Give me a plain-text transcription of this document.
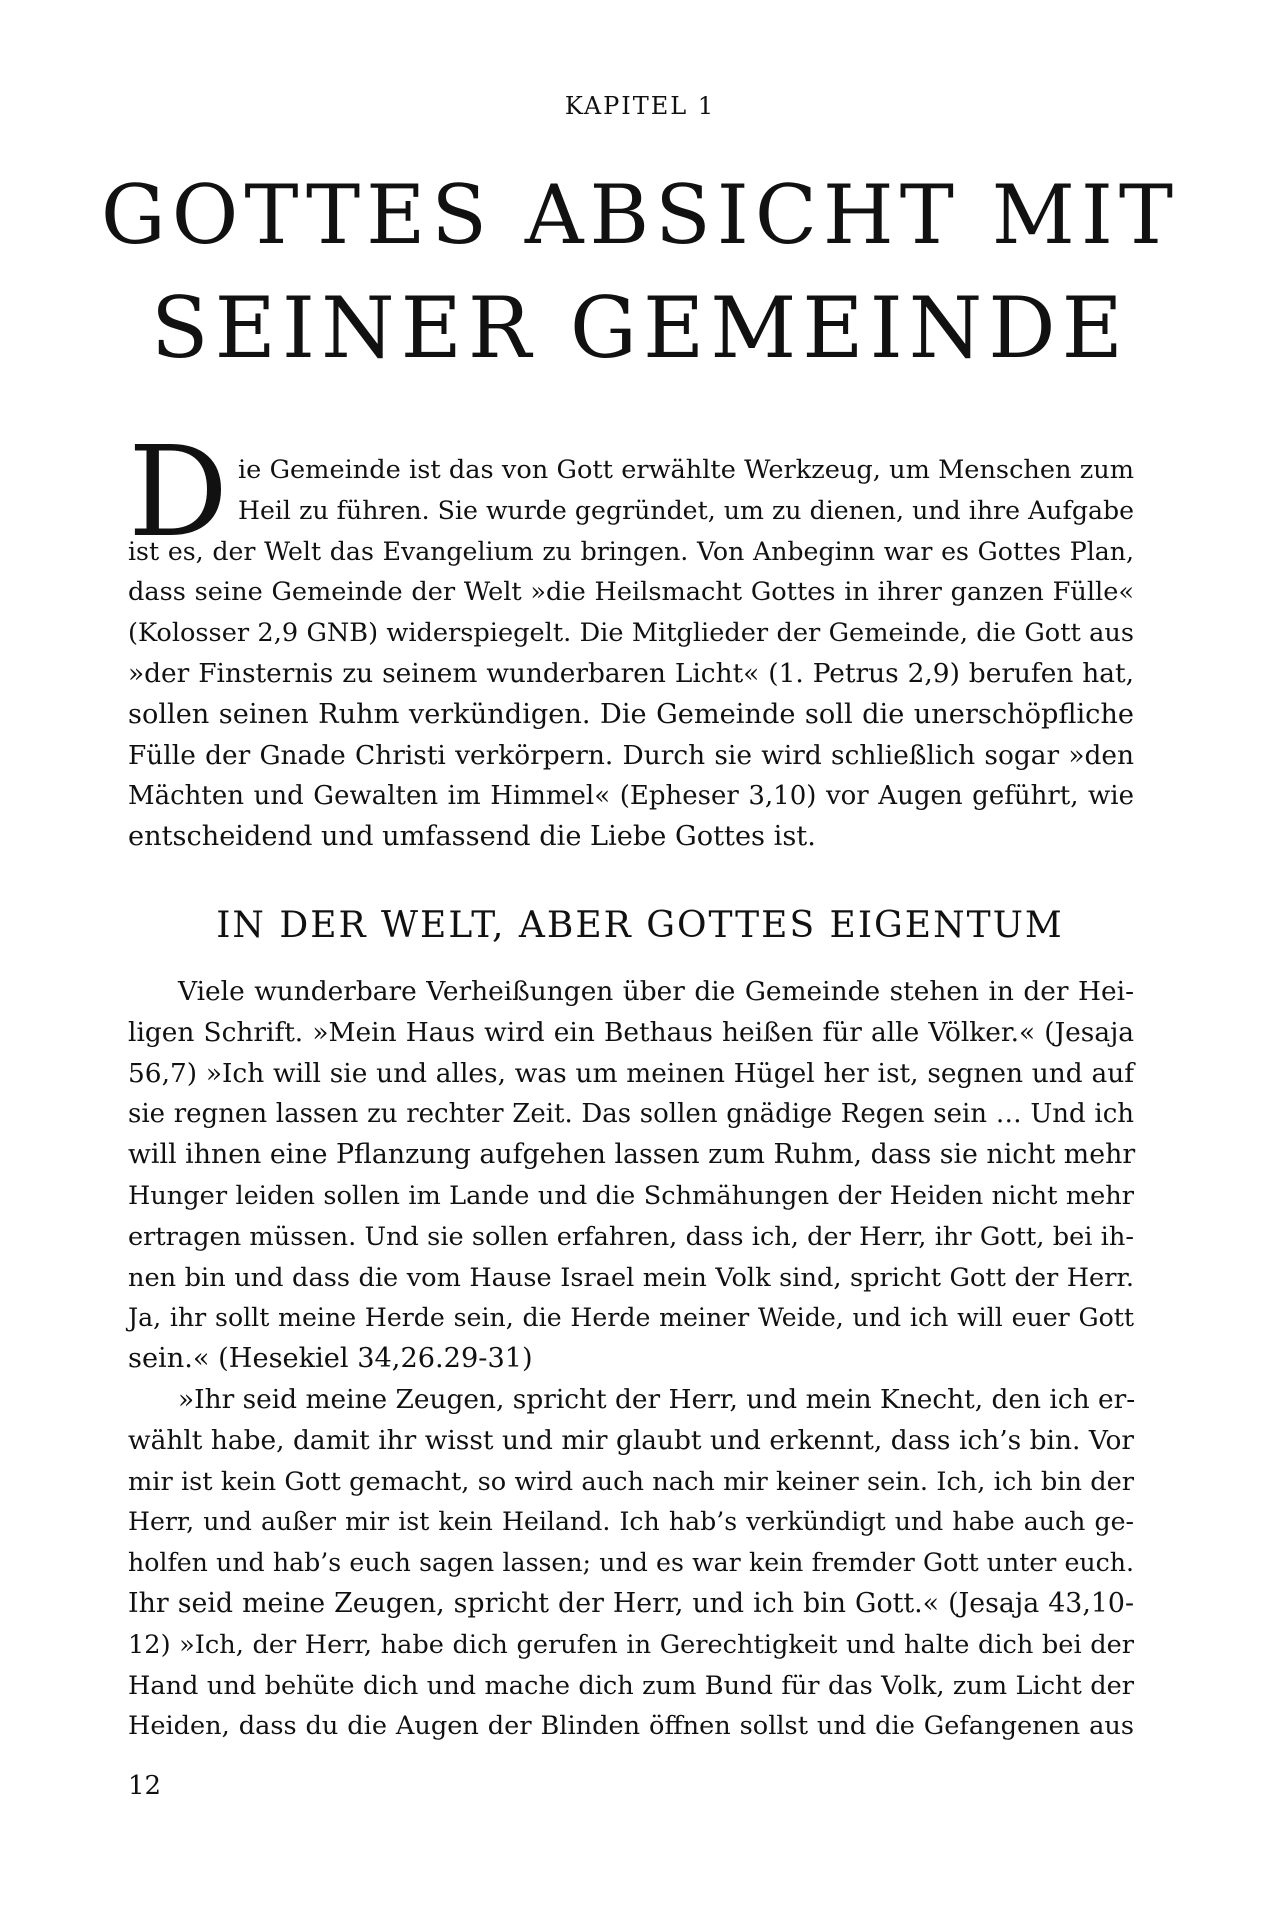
KAPITEL 1
GOTTES ABSICHT MIT
SEINER GEMEINDE
D ie Gemeinde ist das von Gott erwählte Werkzeug, um Menschen zum
Heil zu führen. Sie wurde gegründet, um zu dienen, und ihre Aufgabe
ist es, der Welt das Evangelium zu bringen. Von Anbeginn war es Gottes Plan,
dass seine Gemeinde der Welt »die Heilsmacht Gottes in ihrer ganzen Fülle«
(Kolosser 2,9 GNB) widerspiegelt. Die Mitglieder der Gemeinde, die Gott aus
»der Finsternis zu seinem wunderbaren Licht« (1. Petrus 2,9) berufen hat,
sollen seinen Ruhm verkündigen. Die Gemeinde soll die unerschöpfliche
Fülle der Gnade Christi verkörpern. Durch sie wird schließlich sogar »den
Mächten und Gewalten im Himmel« (Epheser 3,10) vor Augen geführt, wie
entscheidend und umfassend die Liebe Gottes ist.
IN DER WELT, ABER GOTTES EIGENTUM
Viele wunderbare Verheißungen über die Gemeinde stehen in der Hei-
ligen Schrift. »Mein Haus wird ein Bethaus heißen für alle Völker.« (Jesaja
56,7) »Ich will sie und alles, was um meinen Hügel her ist, segnen und auf
sie regnen lassen zu rechter Zeit. Das sollen gnädige Regen sein … Und ich
will ihnen eine Pflanzung aufgehen lassen zum Ruhm, dass sie nicht mehr
Hunger leiden sollen im Lande und die Schmähungen der Heiden nicht mehr
ertragen müssen. Und sie sollen erfahren, dass ich, der Herr, ihr Gott, bei ih-
nen bin und dass die vom Hause Israel mein Volk sind, spricht Gott der Herr.
Ja, ihr sollt meine Herde sein, die Herde meiner Weide, und ich will euer Gott
sein.« (Hesekiel 34,26.29-31)
»Ihr seid meine Zeugen, spricht der Herr, und mein Knecht, den ich er-
wählt habe, damit ihr wisst und mir glaubt und erkennt, dass ich’s bin. Vor
mir ist kein Gott gemacht, so wird auch nach mir keiner sein. Ich, ich bin der
Herr, und außer mir ist kein Heiland. Ich hab’s verkündigt und habe auch ge-
holfen und hab’s euch sagen lassen; und es war kein fremder Gott unter euch.
Ihr seid meine Zeugen, spricht der Herr, und ich bin Gott.« (Jesaja 43,10-
12) »Ich, der Herr, habe dich gerufen in Gerechtigkeit und halte dich bei der
Hand und behüte dich und mache dich zum Bund für das Volk, zum Licht der
Heiden, dass du die Augen der Blinden öffnen sollst und die Gefangenen aus
12
